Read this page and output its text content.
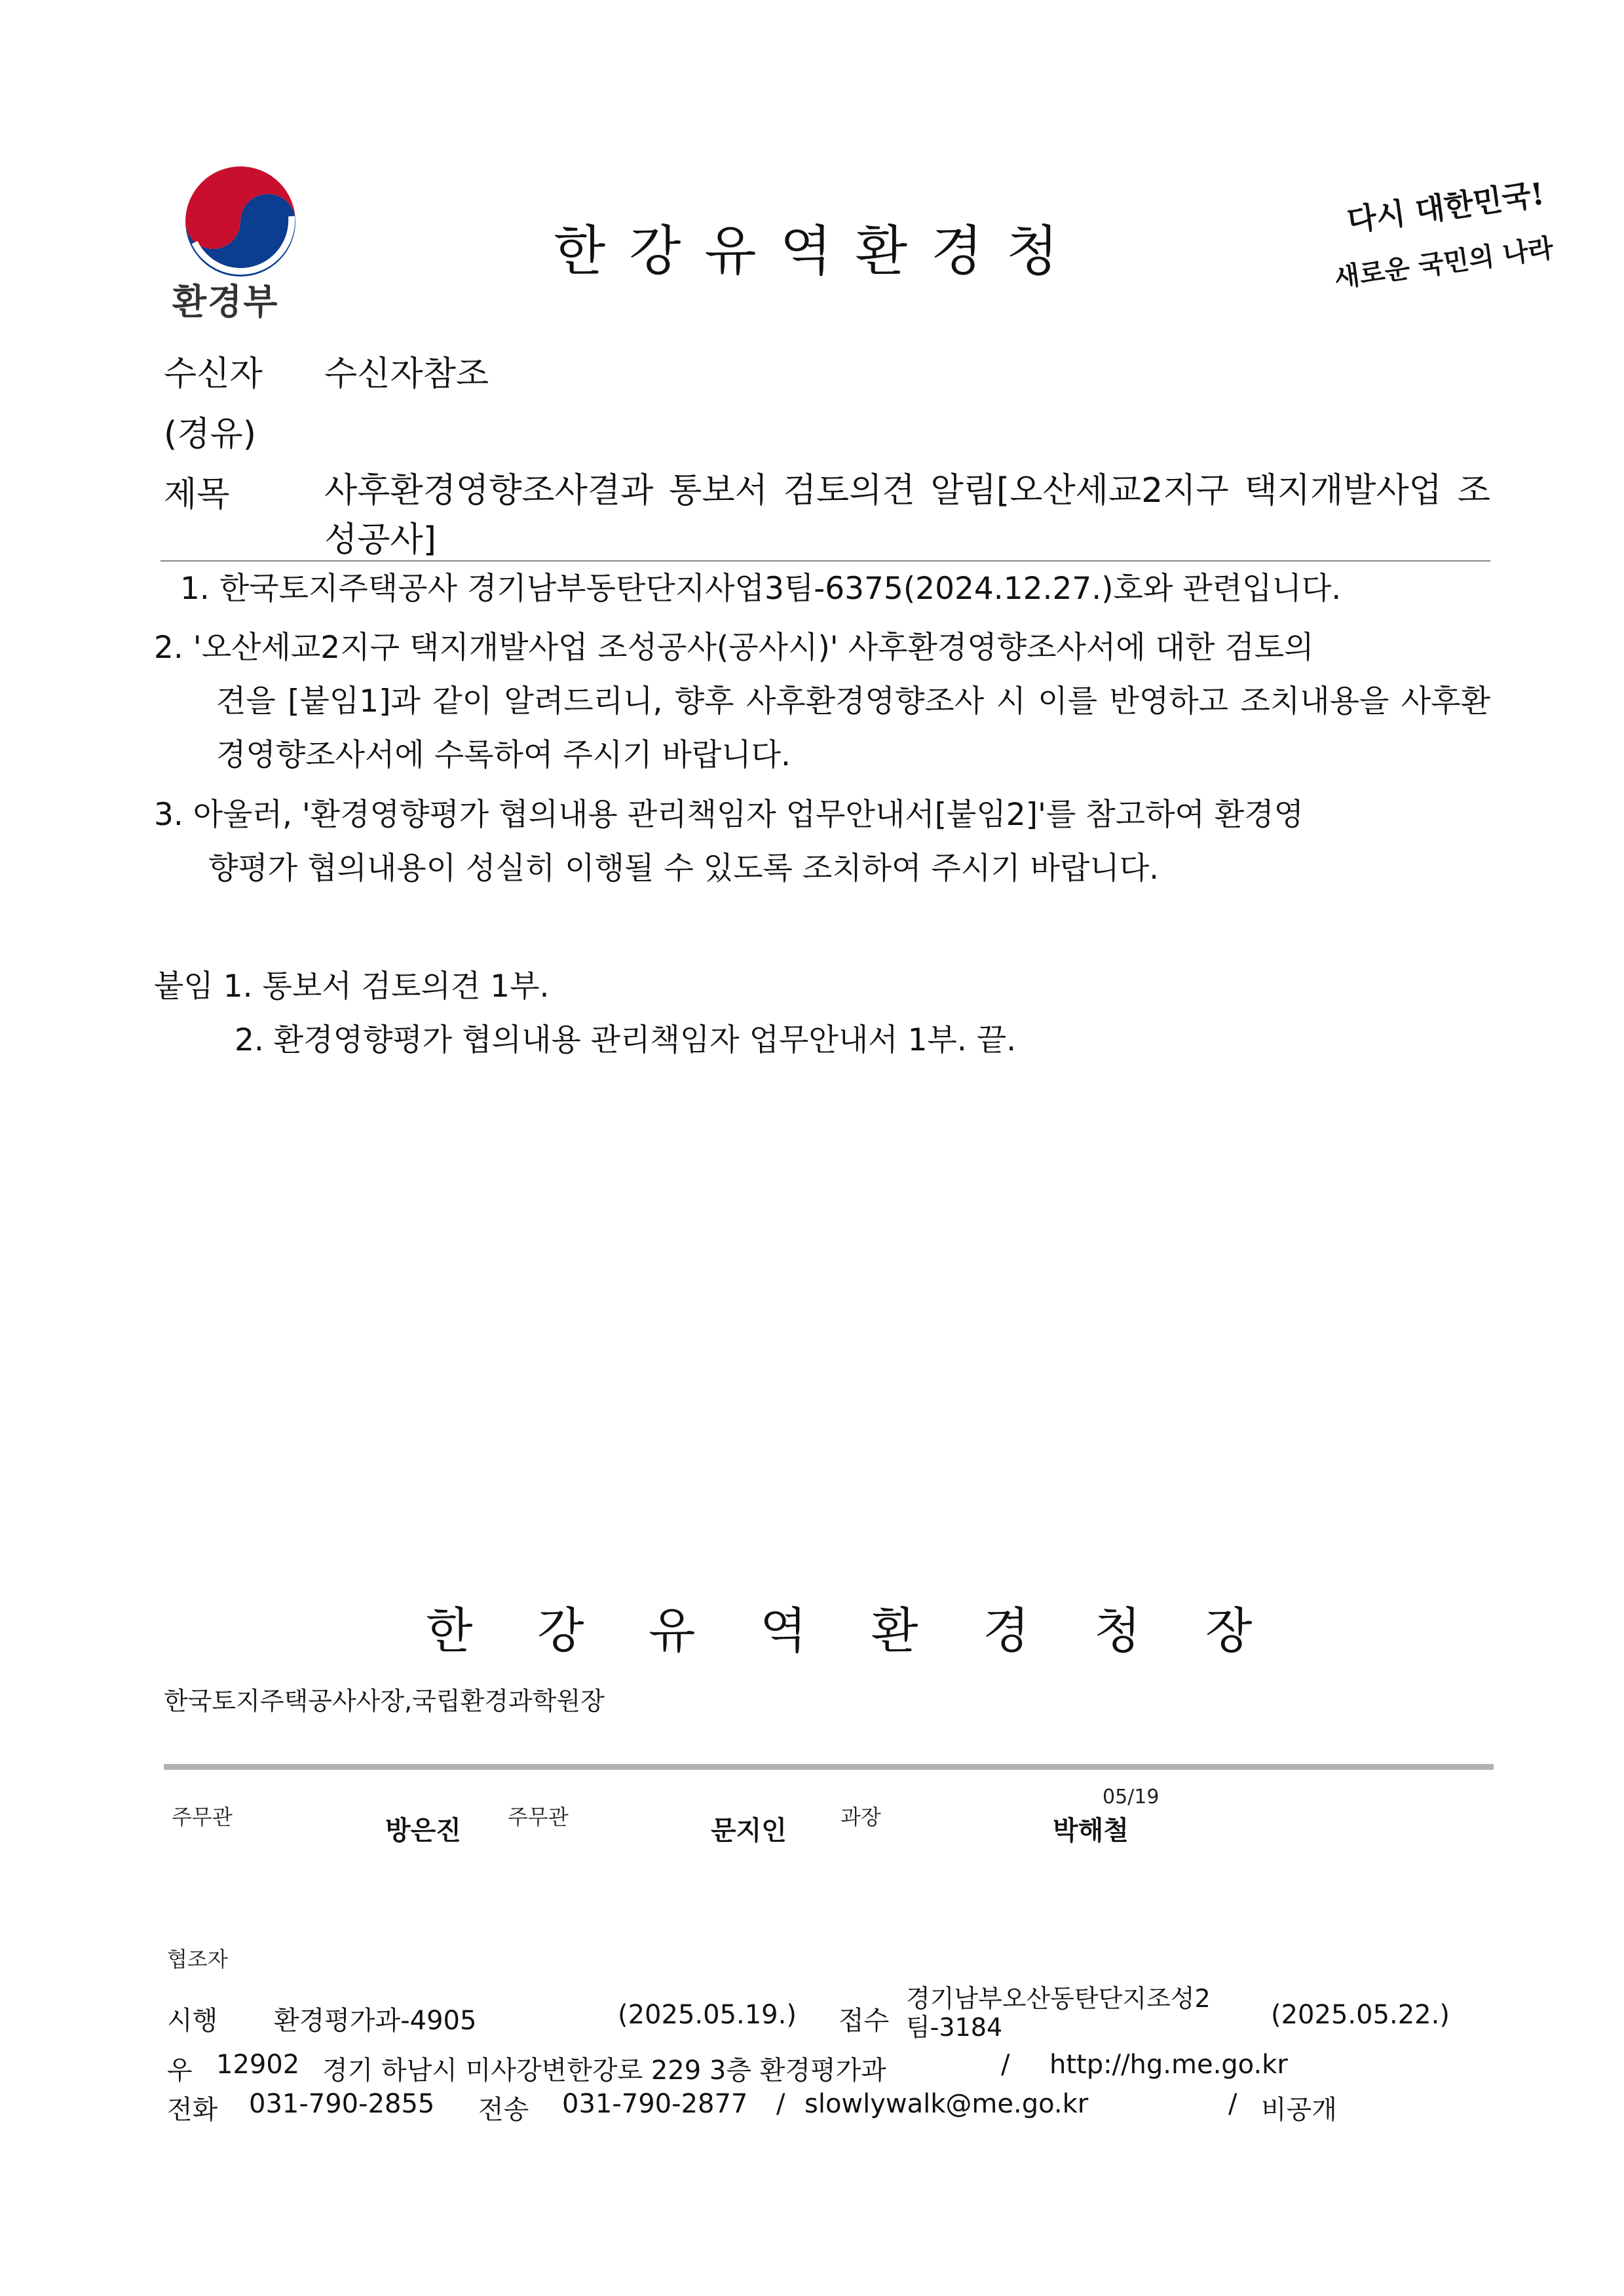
환경부
한강유역환경청
다시 대한민국!
새로운 국민의 나라
수신자 수신자참조
(경유)
제목	사후환경영향조사결과 통보서 검토의견 알림[오산세교2지구 택지개발사업 조성공사]
1. 한국토지주택공사 경기남부동탄단지사업3팀-6375(2024.12.27.)호와 관련입니다.
2. '오산세교2지구 택지개발사업 조성공사(공사시)' 사후환경영향조사서에 대한 검토의
견을 [붙임1]과 같이 알려드리니, 향후 사후환경영향조사 시 이를 반영하고 조치내용을 사후환경영향조사서에 수록하여 주시기 바랍니다.
3. 아울러, '환경영향평가 협의내용 관리책임자 업무안내서[붙임2]'를 참고하여 환경영
향평가 협의내용이 성실히 이행될 수 있도록 조치하여 주시기 바랍니다.
붙임 1. 통보서 검토의견 1부.
2. 환경영향평가 협의내용 관리책임자 업무안내서 1부. 끝.
한 강 유 역 환 경 청 장
한국토지주택공사사장,국립환경과학원장
주무관	방은진 주무관	문지인	과장
05/19
박해철
협조자
시행 환경평가과-4905	(2025.05.19.) 접수
경기남부오산동탄단지조성2
팀-3184	(2025.05.22.)
우 12902 경기 하남시 미사강변한강로 229 3층 환경평가과	/ http://hg.me.go.kr
전화 031-790-2855 전송 031-790-2877 / slowlywalk@me.go.kr	/ 비공개
